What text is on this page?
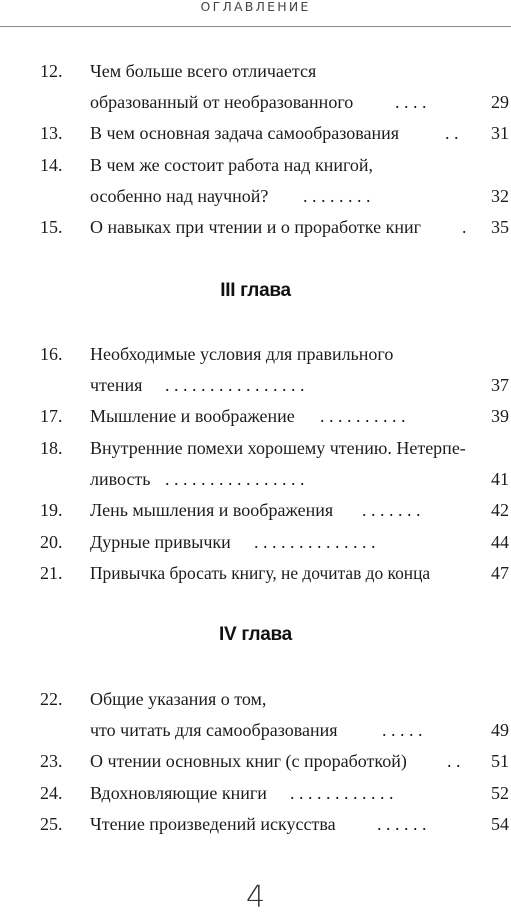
ОГЛАВЛЕНИЕ
12.	Чем больше всего отличается
образованный от необразованного . . . .	29
13.	В чем основная задача самообразования	. .	31
14.	В чем же состоит работа над книгой,
особенно над научной? . . . . . . . .	32
15.	О навыках при чтении и о проработке книг .	35
III глава
16.	Необходимые условия для правильного
чтения . . . . . . . . . . . . . . . .	37
17.	Мышление и воображение . . . . . . . . . .	39
18.	Внутренние помехи хорошему чтению. Нетерпе-
ливость . . . . . . . . . . . . . . . .	41
19.	Лень мышления и воображения . . . . . . .	42
20.	Дурные привычки . . . . . . . . . . . . . .	44
21.	Привычка бросать книгу, не дочитав до конца	47
IV глава
22.	Общие указания о том,
что читать для самообразования . . . . .	49
23.	О чтении основных книг (с проработкой) . .	51
24.	Вдохновляющие книги . . . . . . . . . . . .	52
25.	Чтение произведений искусства . . . . . .	54
4
